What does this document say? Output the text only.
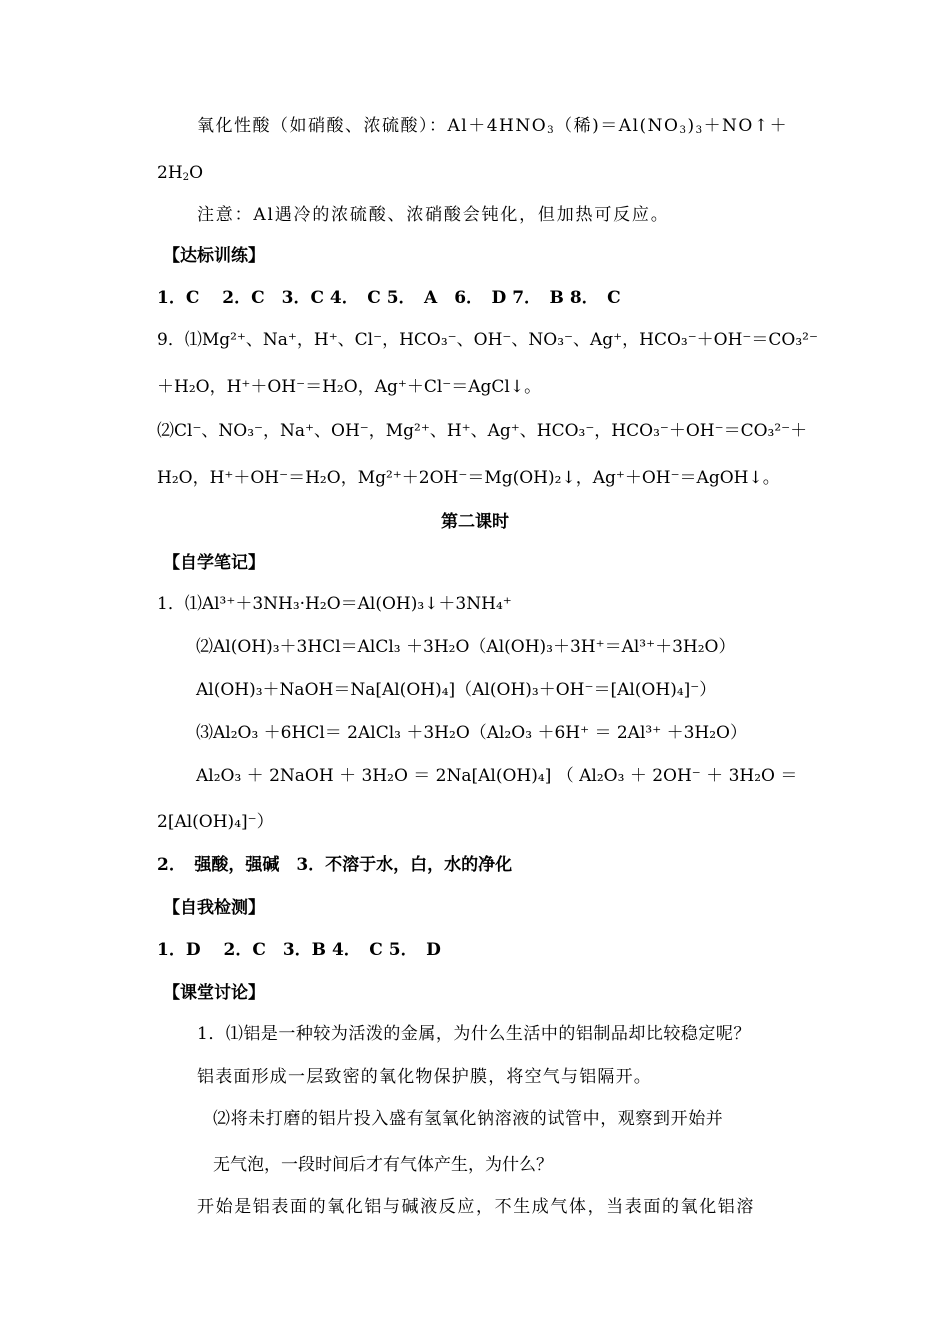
氧化性酸（如硝酸、浓硫酸）：$Al+4HNO_3$（稀)$=Al(NO_3)_3+NO↑+$
$2H_2O$
注意：Al遇冷的浓硫酸、浓硝酸会钝化，但加热可反应。
【达标训练】
1．C　 2．C　3．C 4．　C 5．　A　6．　D 7．　B 8．　C
9．⑴Mg²⁺、Na⁺，H⁺、Cl⁻，HCO₃⁻、OH⁻、NO₃⁻、Ag⁺，HCO₃⁻＋OH⁻＝CO₃²⁻
＋H₂O，H⁺＋OH⁻＝H₂O，Ag⁺＋Cl⁻＝AgCl↓。
⑵Cl⁻、NO₃⁻，Na⁺、OH⁻，Mg²⁺、H⁺、Ag⁺、HCO₃⁻，HCO₃⁻＋OH⁻＝CO₃²⁻＋
H₂O，H⁺＋OH⁻＝H₂O，Mg²⁺＋2OH⁻＝Mg(OH)₂↓，Ag⁺＋OH⁻＝AgOH↓。
第二课时
【自学笔记】
1．⑴Al³⁺＋3NH₃·H₂O＝Al(OH)₃↓＋3NH₄⁺
⑵Al(OH)₃＋3HCl＝AlCl₃ ＋3H₂O（Al(OH)₃＋3H⁺＝Al³⁺＋3H₂O）
Al(OH)₃＋NaOH＝Na[Al(OH)₄]（Al(OH)₃＋OH⁻＝[Al(OH)₄]⁻）
⑶Al₂O₃ ＋6HCl＝ 2AlCl₃ ＋3H₂O（Al₂O₃ ＋6H⁺ ＝ 2Al³⁺ ＋3H₂O）
Al₂O₃ ＋ 2NaOH ＋ 3H₂O ＝ 2Na[Al(OH)₄] （ Al₂O₃ ＋ 2OH⁻ ＋ 3H₂O ＝
2[Al(OH)₄]⁻）
2．　强酸，强碱　3．不溶于水，白，水的净化
【自我检测】
1．D　 2．C　3．B 4．　C 5．　D
【课堂讨论】
1．⑴铝是一种较为活泼的金属，为什么生活中的铝制品却比较稳定呢？
铝表面形成一层致密的氧化物保护膜，将空气与铝隔开。
⑵将未打磨的铝片投入盛有氢氧化钠溶液的试管中，观察到开始并
无气泡，一段时间后才有气体产生，为什么？
开始是铝表面的氧化铝与碱液反应，不生成气体，当表面的氧化铝溶
